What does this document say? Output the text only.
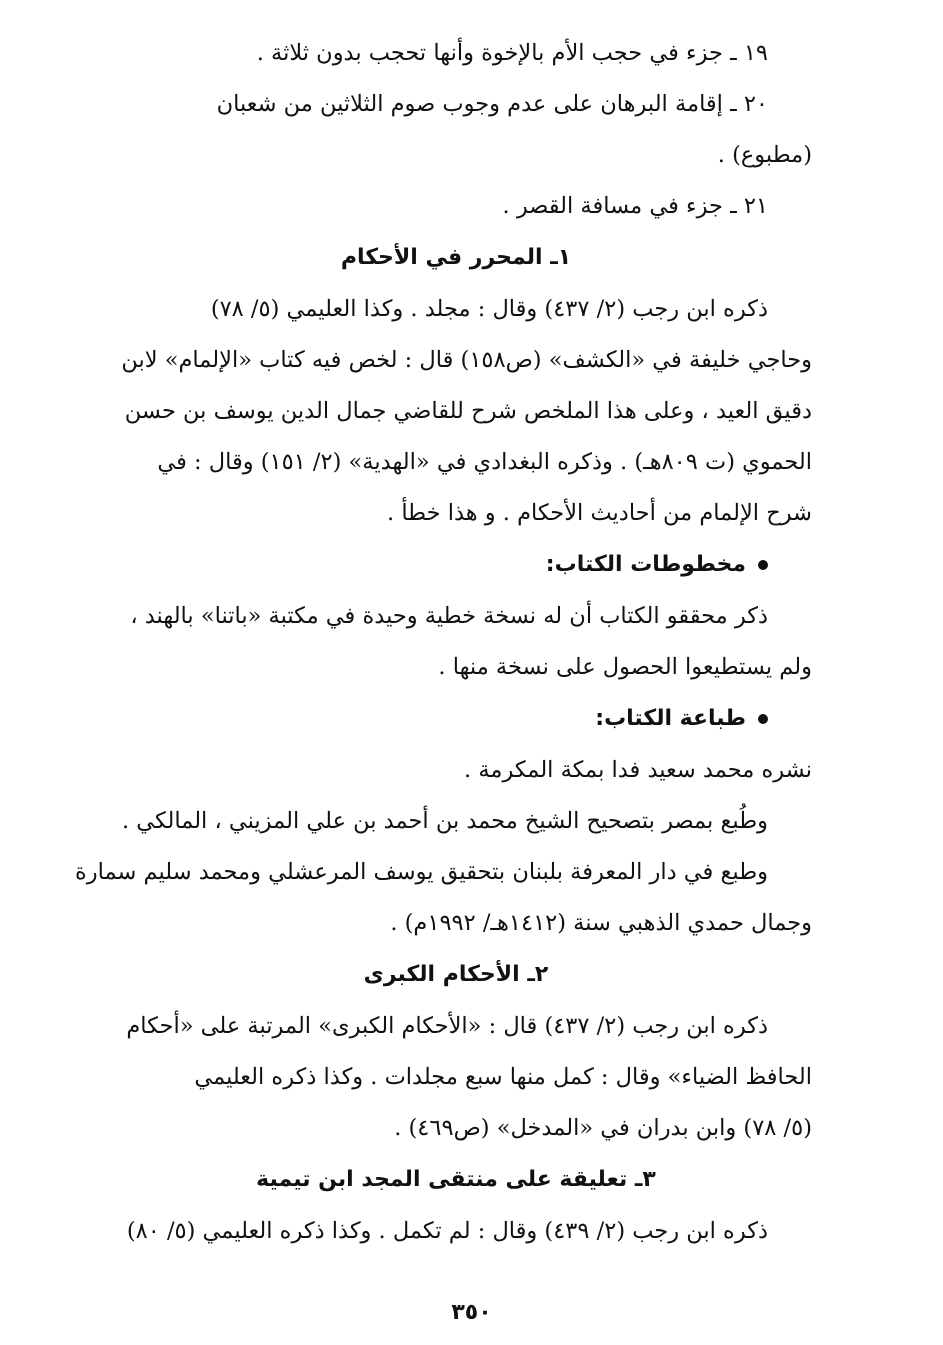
١٩ ـ جزء في حجب الأم بالإخوة وأنها تحجب بدون ثلاثة .
٢٠ ـ إقامة البرهان على عدم وجوب صوم الثلاثين من شعبان
(مطبوع) .
٢١ ـ جزء في مسافة القصر .
١ـ المحرر في الأحكام
ذكره ابن رجب (٢/ ٤٣٧) وقال : مجلد . وكذا العليمي (٥/ ٧٨)
وحاجي خليفة في «الكشف» (ص١٥٨) قال : لخص فيه كتاب «الإلمام» لابن
دقيق العيد ، وعلى هذا الملخص شرح للقاضي جمال الدين يوسف بن حسن
الحموي (ت ٨٠٩هـ) . وذكره البغدادي في «الهدية» (٢/ ١٥١) وقال : في
شرح الإلمام من أحاديث الأحكام . و هذا خطأ .
مخطوطات الكتاب:
ذكر محققو الكتاب أن له نسخة خطية وحيدة في مكتبة «باتنا» بالهند ،
ولم يستطيعوا الحصول على نسخة منها .
طباعة الكتاب:
نشره محمد سعيد فدا بمكة المكرمة .
وطُبع بمصر بتصحيح الشيخ محمد بن أحمد بن علي المزيني ، المالكي .
وطبع في دار المعرفة بلبنان بتحقيق يوسف المرعشلي ومحمد سليم سمارة
وجمال حمدي الذهبي سنة (١٤١٢هـ/ ١٩٩٢م) .
٢ـ الأحكام الكبرى
ذكره ابن رجب (٢/ ٤٣٧) قال : «الأحكام الكبرى» المرتبة على «أحكام
الحافظ الضياء» وقال : كمل منها سبع مجلدات . وكذا ذكره العليمي
(٥/ ٧٨) وابن بدران في «المدخل» (ص٤٦٩) .
٣ـ تعليقة على منتقى المجد ابن تيمية
ذكره ابن رجب (٢/ ٤٣٩) وقال : لم تكمل . وكذا ذكره العليمي (٥/ ٨٠)
٣٥٠
